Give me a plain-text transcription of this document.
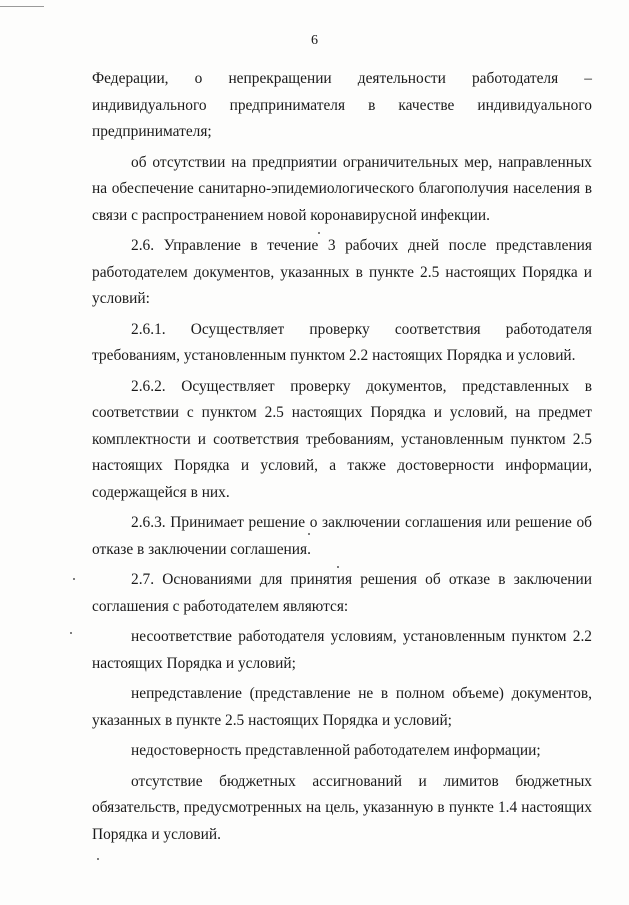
6

Федерации, о непрекращении деятельности работодателя – индивидуального предпринимателя в качестве индивидуального предпринимателя;

об отсутствии на предприятии ограничительных мер, направленных на обеспечение санитарно-эпидемиологического благополучия населения в связи с распространением новой коронавирусной инфекции.

2.6. Управление в течение 3 рабочих дней после представления работодателем документов, указанных в пункте 2.5 настоящих Порядка и условий:

2.6.1. Осуществляет проверку соответствия работодателя требованиям, установленным пунктом 2.2 настоящих Порядка и условий.

2.6.2. Осуществляет проверку документов, представленных в соответствии с пунктом 2.5 настоящих Порядка и условий, на предмет комплектности и соответствия требованиям, установленным пунктом 2.5 настоящих Порядка и условий, а также достоверности информации, содержащейся в них.

2.6.3. Принимает решение о заключении соглашения или решение об отказе в заключении соглашения.

2.7. Основаниями для принятия решения об отказе в заключении соглашения с работодателем являются:

несоответствие работодателя условиям, установленным пунктом 2.2 настоящих Порядка и условий;

непредставление (представление не в полном объеме) документов, указанных в пункте 2.5 настоящих Порядка и условий;

недостоверность представленной работодателем информации;

отсутствие бюджетных ассигнований и лимитов бюджетных обязательств, предусмотренных на цель, указанную в пункте 1.4 настоящих Порядка и условий.
